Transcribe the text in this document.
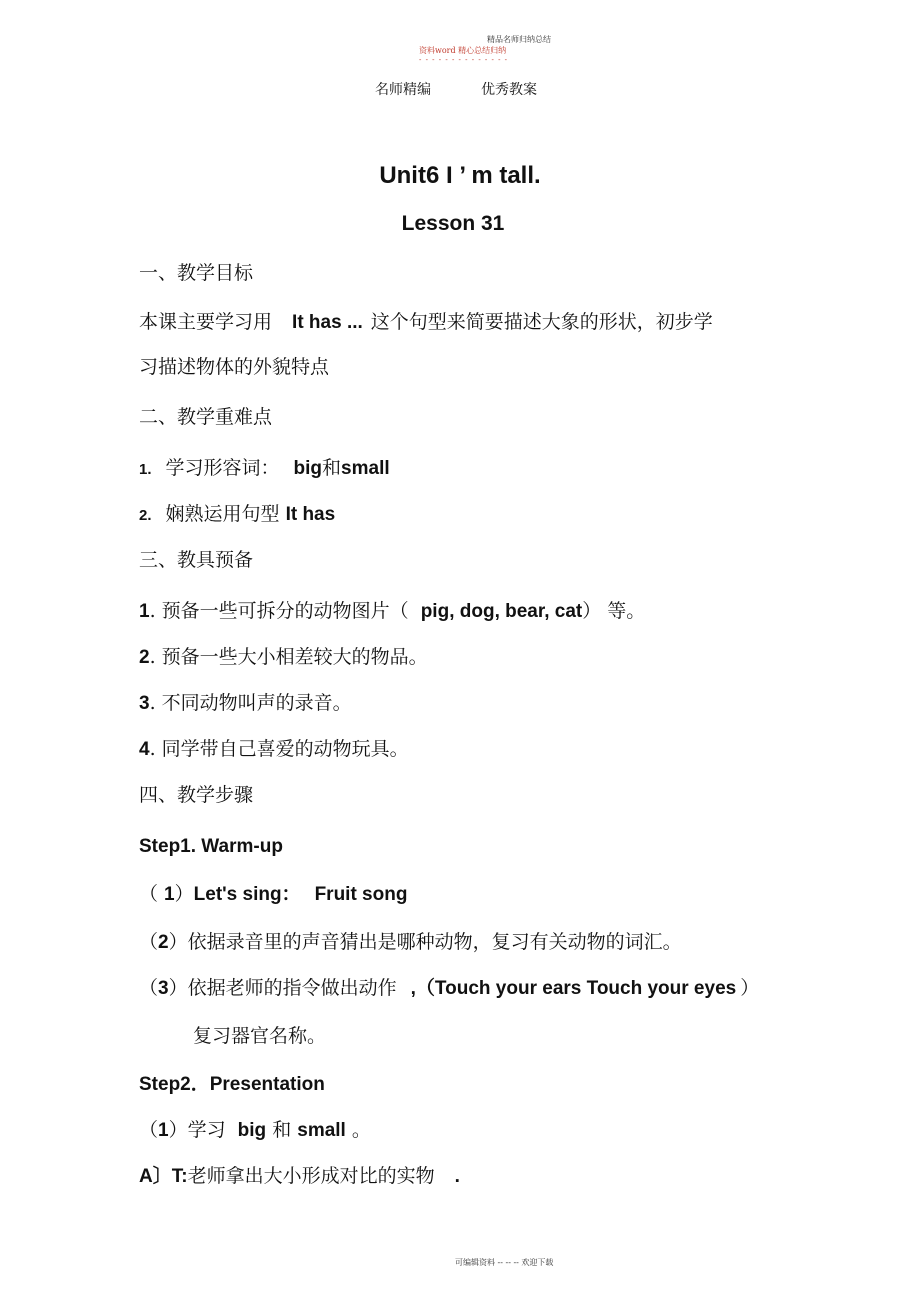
精品名师归纳总结
资料word 精心总结归纳
- - - - - - - - - - - - - -
名师精编	优秀教案
Unit6 I ’ m tall.
Lesson 31
一、教学目标
本课主要学习用 It has ... 这个句型来简要描述大象的形状，初步学
习描述物体的外貌特点
二、教学重难点
1. 学习形容词： big和small
2. 娴熟运用句型 It has
三、教具预备
1. 预备一些可拆分的动物图片（ pig, dog, bear, cat） 等。
2. 预备一些大小相差较大的物品。
3. 不同动物叫声的录音。
4. 同学带自己喜爱的动物玩具。
四、教学步骤
Step1. Warm-up
（ 1）Let's sing： Fruit song
（2）依据录音里的声音猜出是哪种动物，复习有关动物的词汇。
（3）依据老师的指令做出动作 ,（Touch your ears Touch your eyes ）
复习器官名称。
Step2．Presentation
（1）学习 big 和 small 。
A〕T:老师拿出大小形成对比的实物 .
可编辑资料 -- -- -- 欢迎下载
